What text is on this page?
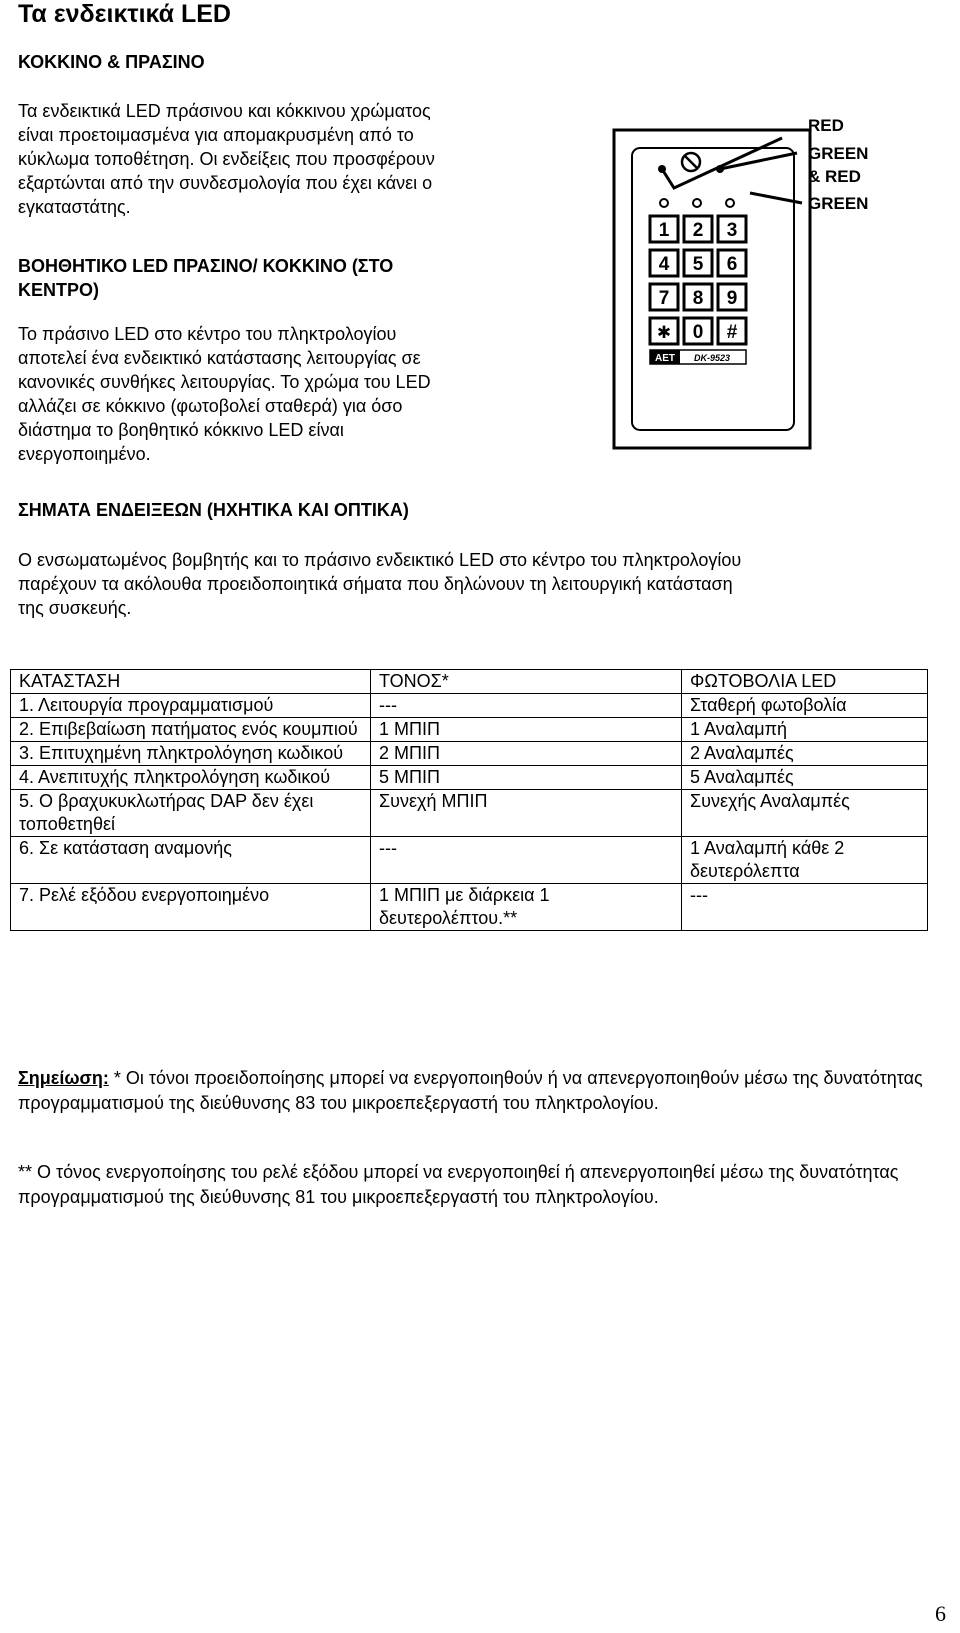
Τα ενδεικτικά LED
ΚΟΚΚΙΝΟ & ΠΡΑΣΙΝΟ
Τα ενδεικτικά LED πράσινου και κόκκινου χρώματος
είναι προετοιμασμένα για απομακρυσμένη από το
κύκλωμα τοποθέτηση. Οι ενδείξεις που προσφέρουν
εξαρτώνται από την συνδεσμολογία που έχει κάνει ο
εγκαταστάτης.
ΒΟΗΘΗΤΙΚΟ LED ΠΡΑΣΙΝΟ/ ΚΟΚΚΙΝΟ (ΣΤΟ
ΚΕΝΤΡΟ)
Το πράσινο LED στο κέντρο του πληκτρολογίου
αποτελεί ένα ενδεικτικό κατάστασης λειτουργίας σε
κανονικές συνθήκες λειτουργίας. Το χρώμα του LED
αλλάζει σε κόκκινο (φωτοβολεί σταθερά) για όσο
διάστημα το βοηθητικό κόκκινο LED είναι
ενεργοποιημένο.
RED
GREEN
& RED
GREEN
1 2 3
4 5 6
7 8 9
✱ 0 #
AET DK-9523
ΣΗΜΑΤΑ ΕΝΔΕΙΞΕΩΝ (ΗΧΗΤΙΚΑ ΚΑΙ ΟΠΤΙΚΑ)
Ο ενσωματωμένος βομβητής και το πράσινο ενδεικτικό LED στο κέντρο του πληκτρολογίου
παρέχουν τα ακόλουθα προειδοποιητικά σήματα που δηλώνουν τη λειτουργική κατάσταση
της συσκευής.
ΚΑΤΑΣΤΑΣΗ	ΤΟΝΟΣ*	ΦΩΤΟΒΟΛΙΑ LED
1. Λειτουργία προγραμματισμού	---	Σταθερή φωτοβολία
2. Επιβεβαίωση πατήματος ενός κουμπιού	1 ΜΠΙΠ	1 Αναλαμπή
3. Επιτυχημένη πληκτρολόγηση κωδικού	2 ΜΠΙΠ	2 Αναλαμπές
4. Ανεπιτυχής πληκτρολόγηση κωδικού	5 ΜΠΙΠ	5 Αναλαμπές
5. Ο βραχυκυκλωτήρας DAP δεν έχει τοποθετηθεί	Συνεχή ΜΠΙΠ	Συνεχής Αναλαμπές
6. Σε κατάσταση αναμονής	---	1 Αναλαμπή κάθε 2 δευτερόλεπτα
7. Ρελέ εξόδου ενεργοποιημένο	1 ΜΠΙΠ με διάρκεια 1 δευτερολέπτου.**	---
Σημείωση: * Οι τόνοι προειδοποίησης μπορεί να ενεργοποιηθούν ή να απενεργοποιηθούν μέσω της δυνατότητας προγραμματισμού της διεύθυνσης 83 του μικροεπεξεργαστή του πληκτρολογίου.
** Ο τόνος ενεργοποίησης του ρελέ εξόδου μπορεί να ενεργοποιηθεί ή απενεργοποιηθεί μέσω της δυνατότητας προγραμματισμού της διεύθυνσης 81 του μικροεπεξεργαστή του πληκτρολογίου.
6
